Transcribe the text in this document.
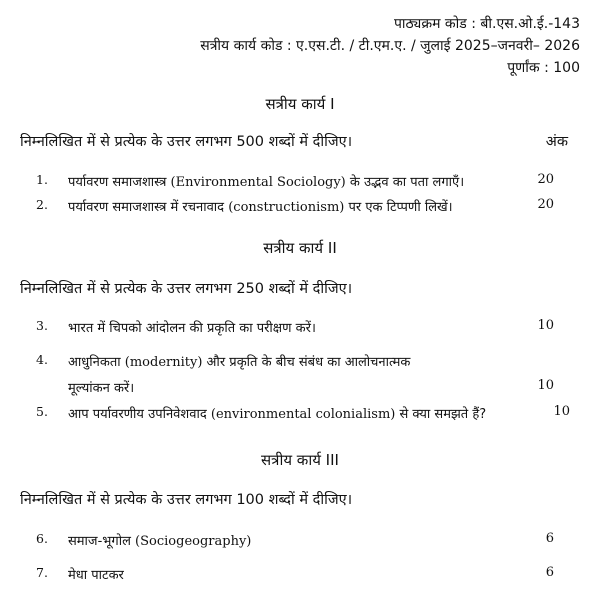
पाठ्यक्रम कोड : बी.एस.ओ.ई.-143
सत्रीय कार्य कोड : ए.एस.टी. / टी.एम.ए. / जुलाई 2025–जनवरी– 2026
पूर्णांक : 100
सत्रीय कार्य I
निम्नलिखित में से प्रत्येक के उत्तर लगभग 500 शब्दों में दीजिए।	अंक
1. पर्यावरण समाजशास्त्र (Environmental Sociology) के उद्भव का पता लगाएँ।	20
2. पर्यावरण समाजशास्त्र में रचनावाद (constructionism) पर एक टिप्पणी लिखें।	20
सत्रीय कार्य II
निम्नलिखित में से प्रत्येक के उत्तर लगभग 250 शब्दों में दीजिए।
3. भारत में चिपको आंदोलन की प्रकृति का परीक्षण करें।	10
4. आधुनिकता (modernity) और प्रकृति के बीच संबंध का आलोचनात्मक
मूल्यांकन करें।	10
5. आप पर्यावरणीय उपनिवेशवाद (environmental colonialism) से क्या समझते हैं?	10
सत्रीय कार्य III
निम्नलिखित में से प्रत्येक के उत्तर लगभग 100 शब्दों में दीजिए।
6. समाज-भूगोल (Sociogeography)	6
7. मेधा पाटकर	6
